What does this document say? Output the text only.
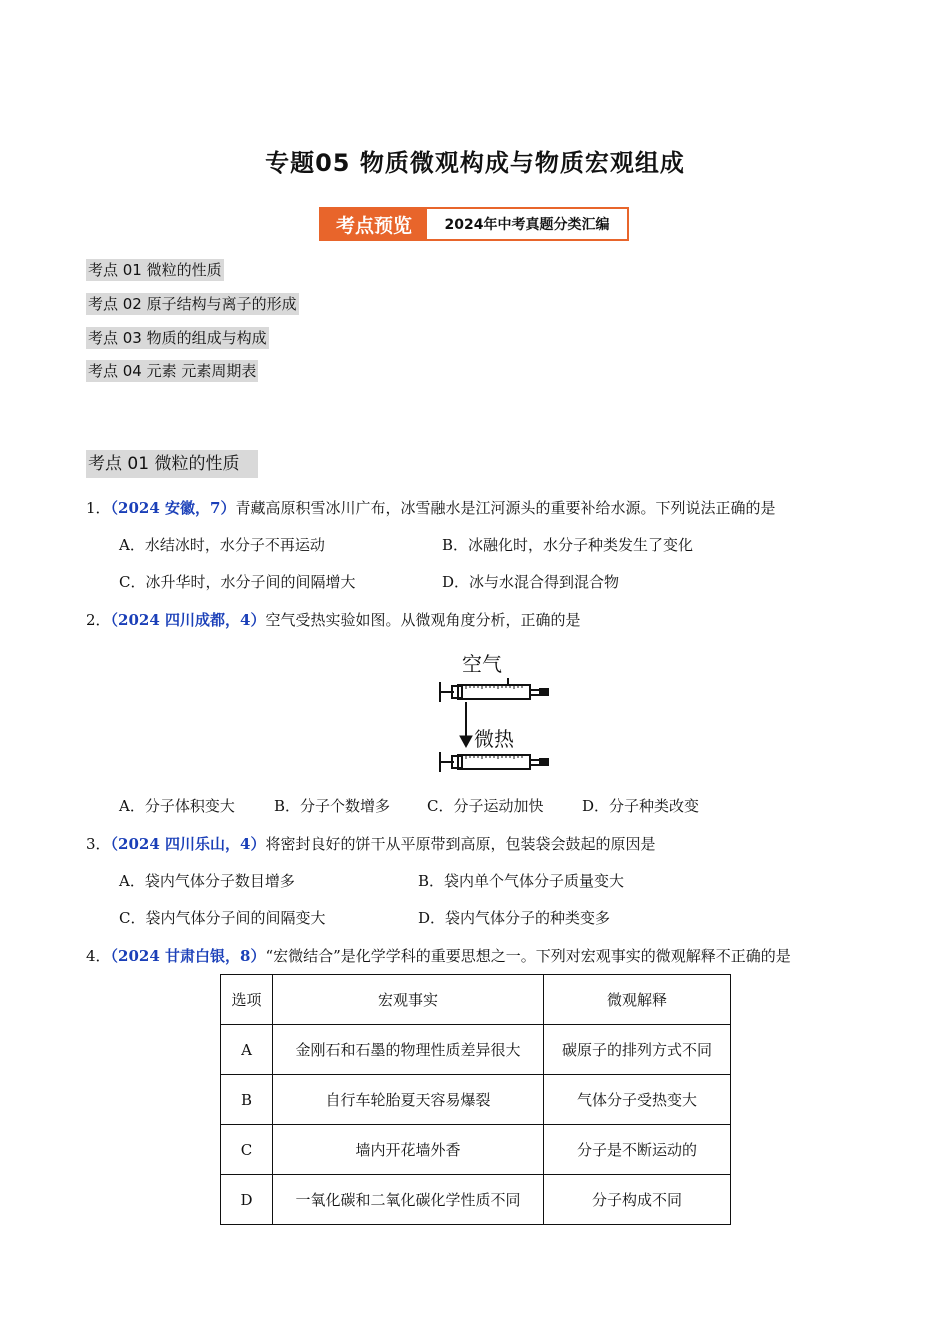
专题05 物质微观构成与物质宏观组成
考点预览	2024年中考真题分类汇编
考点 01 微粒的性质
考点 02 原子结构与离子的形成
考点 03 物质的组成与构成
考点 04 元素 元素周期表
考点 01 微粒的性质
1．（2024 安徽，7）青藏高原积雪冰川广布，冰雪融水是江河源头的重要补给水源。下列说法正确的是
A．水结冰时，水分子不再运动	B．冰融化时，水分子种类发生了变化
C．冰升华时，水分子间的间隔增大	D．冰与水混合得到混合物
2．（2024 四川成都，4）空气受热实验如图。从微观角度分析，正确的是
空气
微热
A．分子体积变大	B．分子个数增多 C．分子运动加快	D．分子种类改变
3．（2024 四川乐山，4）将密封良好的饼干从平原带到高原，包装袋会鼓起的原因是
A．袋内气体分子数目增多	B．袋内单个气体分子质量变大
C．袋内气体分子间的间隔变大	D．袋内气体分子的种类变多
4．（2024 甘肃白银，8）“宏微结合”是化学学科的重要思想之一。下列对宏观事实的微观解释不正确的是
选项	宏观事实	微观解释
A	金刚石和石墨的物理性质差异很大	碳原子的排列方式不同
B	自行车轮胎夏天容易爆裂	气体分子受热变大
C	墙内开花墙外香	分子是不断运动的
D	一氧化碳和二氧化碳化学性质不同	分子构成不同
